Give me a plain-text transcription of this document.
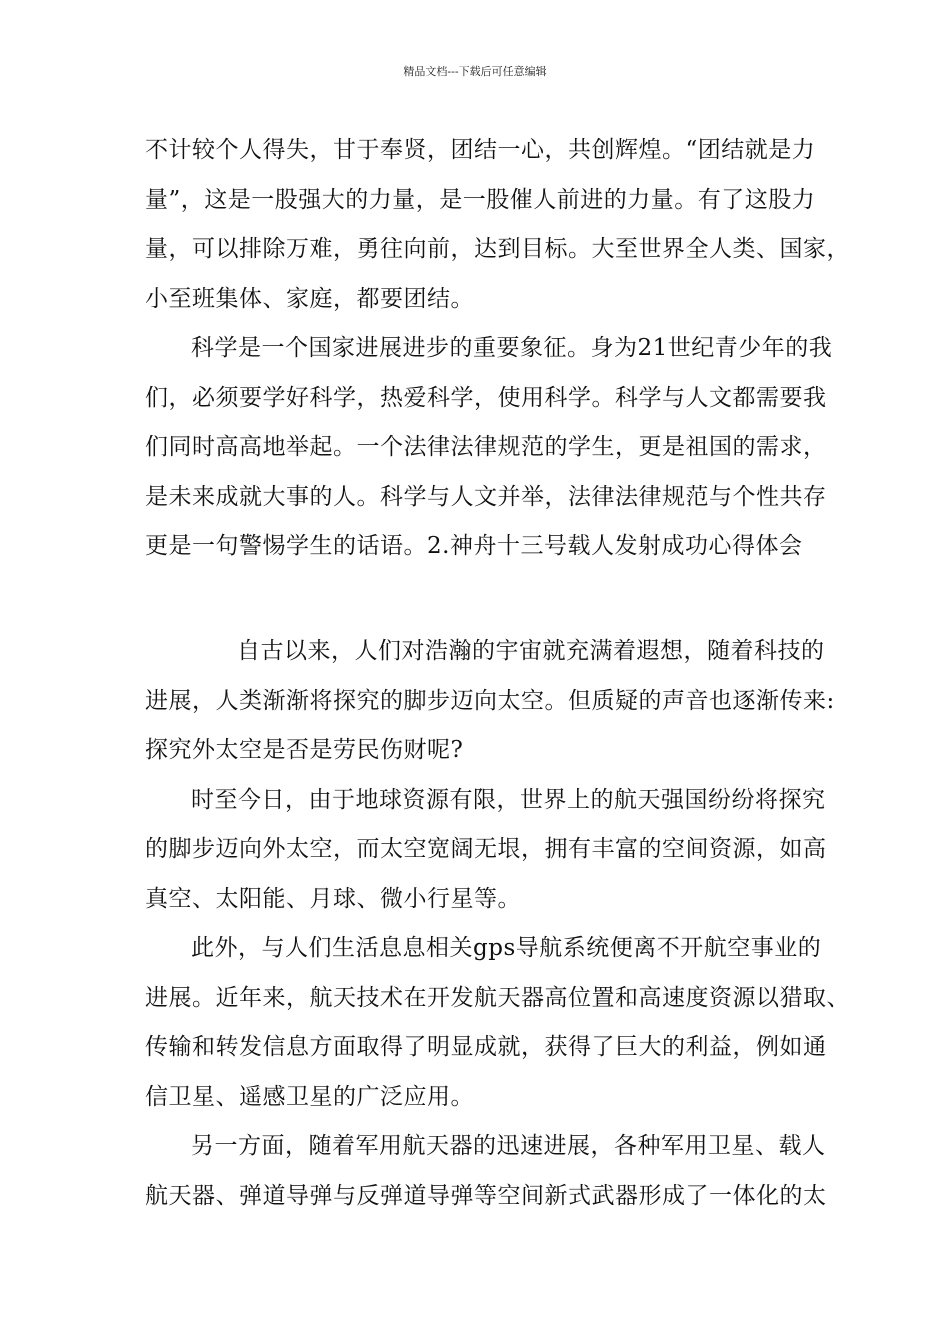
精品文档---下载后可任意编辑
不计较个人得失，甘于奉贤，团结一心，共创辉煌。“团结就是力
量”，这是一股强大的力量，是一股催人前进的力量。有了这股力
量，可以排除万难，勇往向前，达到目标。大至世界全人类、国家，
小至班集体、家庭，都要团结。
科学是一个国家进展进步的重要象征。身为21世纪青少年的我
们，必须要学好科学，热爱科学，使用科学。科学与人文都需要我
们同时高高地举起。一个法律法律规范的学生，更是祖国的需求，
是未来成就大事的人。科学与人文并举，法律法律规范与个性共存
更是一句警惕学生的话语。2.神舟十三号载人发射成功心得体会
自古以来，人们对浩瀚的宇宙就充满着遐想，随着科技的
进展，人类渐渐将探究的脚步迈向太空。但质疑的声音也逐渐传来:
探究外太空是否是劳民伤财呢?
时至今日，由于地球资源有限，世界上的航天强国纷纷将探究
的脚步迈向外太空，而太空宽阔无垠，拥有丰富的空间资源，如高
真空、太阳能、月球、微小行星等。
此外，与人们生活息息相关gps导航系统便离不开航空事业的
进展。近年来，航天技术在开发航天器高位置和高速度资源以猎取、
传输和转发信息方面取得了明显成就，获得了巨大的利益，例如通
信卫星、遥感卫星的广泛应用。
另一方面，随着军用航天器的迅速进展，各种军用卫星、载人
航天器、弹道导弹与反弹道导弹等空间新式武器形成了一体化的太
